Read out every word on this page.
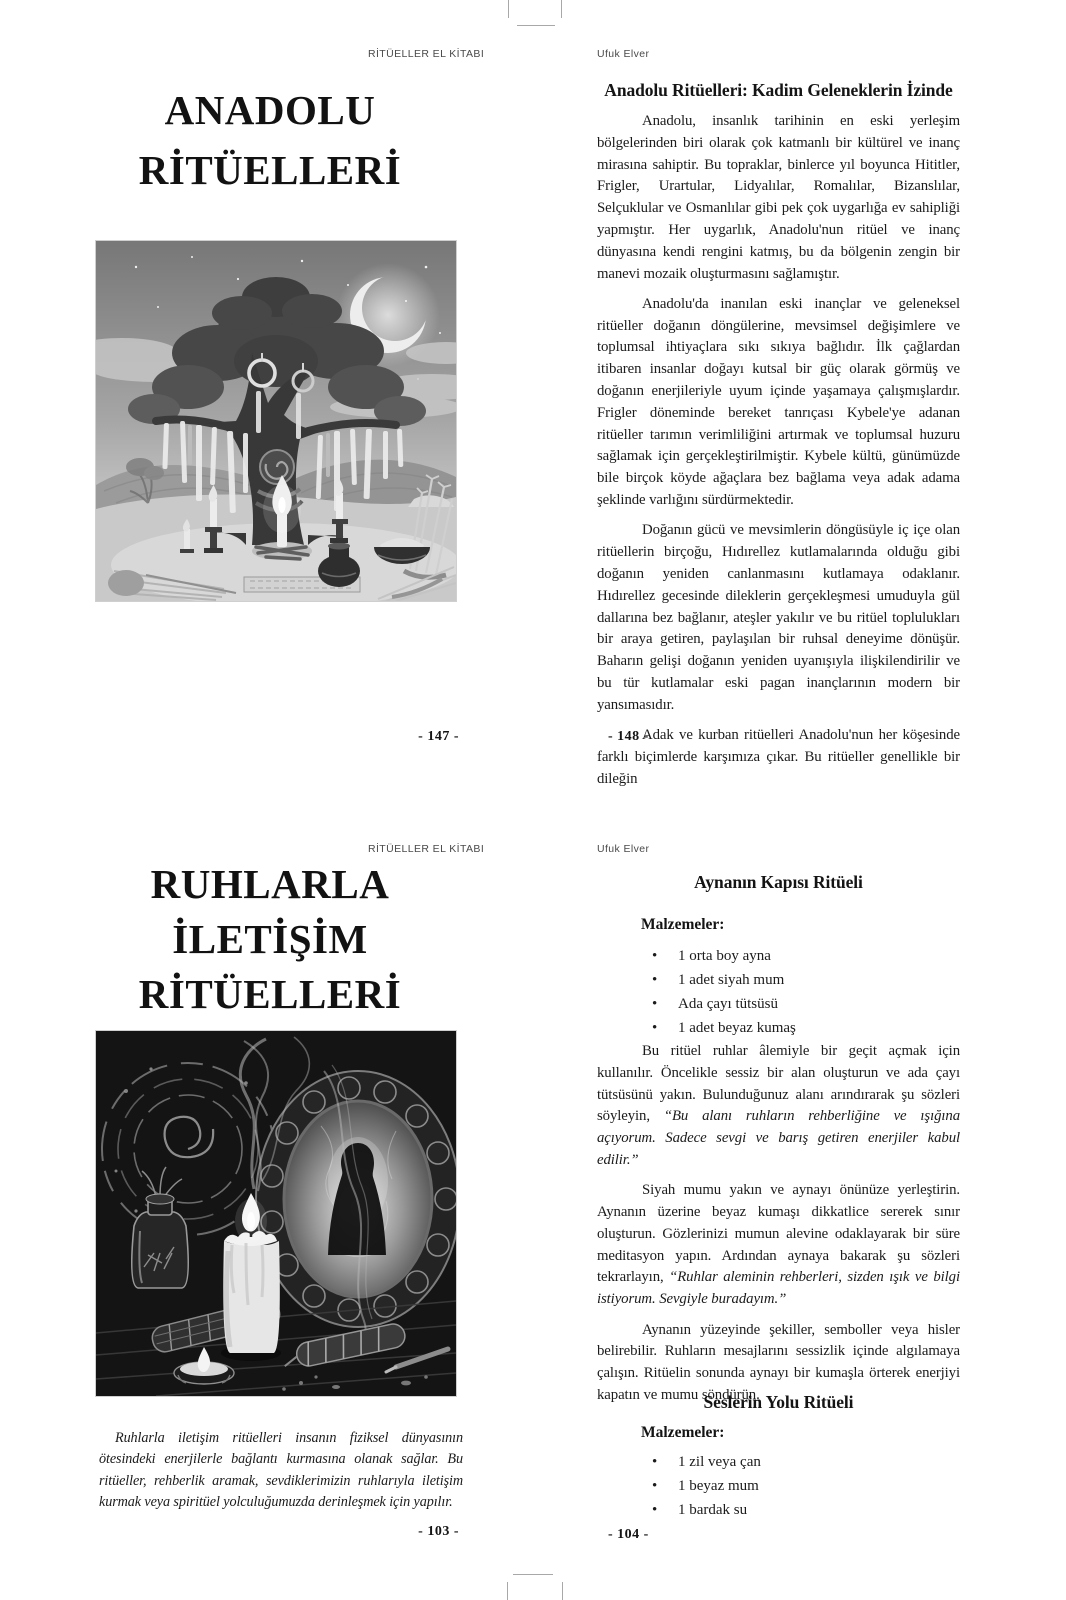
RİTÜELLER EL KİTABI
ANADOLU
RİTÜELLERİ
- 147 -
Ufuk Elver
Anadolu Ritüelleri: Kadim Geleneklerin İzinde

Anadolu, insanlık tarihinin en eski yerleşim bölgelerinden biri olarak çok katmanlı bir kültürel ve inanç mirasına sahiptir. Bu topraklar, binlerce yıl boyunca Hititler, Frigler, Urartular, Lidyalılar, Romalılar, Bizanslılar, Selçuklular ve Osmanlılar gibi pek çok uygarlığa ev sahipliği yapmıştır. Her uygarlık, Anadolu'nun ritüel ve inanç dünyasına kendi rengini katmış, bu da bölgenin zengin bir manevi mozaik oluşturmasını sağlamıştır.

Anadolu'da inanılan eski inançlar ve geleneksel ritüeller doğanın döngülerine, mevsimsel değişimlere ve toplumsal ihtiyaçlara sıkı sıkıya bağlıdır. İlk çağlardan itibaren insanlar doğayı kutsal bir güç olarak görmüş ve doğanın enerjileriyle uyum içinde yaşamaya çalışmışlardır. Frigler döneminde bereket tanrıçası Kybele'ye adanan ritüeller tarımın verimliliğini artırmak ve toplumsal huzuru sağlamak için gerçekleştirilmiştir. Kybele kültü, günümüzde bile birçok köyde ağaçlara bez bağlama veya adak adama şeklinde varlığını sürdürmektedir.

Doğanın gücü ve mevsimlerin döngüsüyle iç içe olan ritüellerin birçoğu, Hıdırellez kutlamalarında olduğu gibi doğanın yeniden canlanmasını kutlamaya odaklanır. Hıdırellez gecesinde dileklerin gerçekleşmesi umuduyla gül dallarına bez bağlanır, ateşler yakılır ve bu ritüel toplulukları bir araya getiren, paylaşılan bir ruhsal deneyime dönüşür. Baharın gelişi doğanın yeniden uyanışıyla ilişkilendirilir ve bu tür kutlamalar eski pagan inançlarının modern bir yansımasıdır.

Adak ve kurban ritüelleri Anadolu'nun her köşesinde farklı biçimlerde karşımıza çıkar. Bu ritüeller genellikle bir dileğin

- 148 -
RİTÜELLER EL KİTABI
RUHLARLA
İLETİŞİM
RİTÜELLERİ
Ruhlarla iletişim ritüelleri insanın fiziksel dünyasının ötesindeki enerjilerle bağlantı kurmasına olanak sağlar. Bu ritüeller, rehberlik aramak, sevdiklerimizin ruhlarıyla iletişim kurmak veya spiritüel yolculuğumuzda derinleşmek için yapılır.
- 103 -
Ufuk Elver
Aynanın Kapısı Ritüeli
Malzemeler:
• 1 orta boy ayna
• 1 adet siyah mum
• Ada çayı tütsüsü
• 1 adet beyaz kumaş

Bu ritüel ruhlar âlemiyle bir geçit açmak için kullanılır. Öncelikle sessiz bir alan oluşturun ve ada çayı tütsüsünü yakın. Bulunduğunuz alanı arındırarak şu sözleri söyleyin, “Bu alanı ruhların rehberliğine ve ışığına açıyorum. Sadece sevgi ve barış getiren enerjiler kabul edilir.”

Siyah mumu yakın ve aynayı önünüze yerleştirin. Aynanın üzerine beyaz kumaşı dikkatlice sererek sınır oluşturun. Gözlerinizi mumun alevine odaklayarak bir süre meditasyon yapın. Ardından aynaya bakarak şu sözleri tekrarlayın, “Ruhlar aleminin rehberleri, sizden ışık ve bilgi istiyorum. Sevgiyle buradayım.”

Aynanın yüzeyinde şekiller, semboller veya hisler belirebilir. Ruhların mesajlarını sessizlik içinde algılamaya çalışın. Ritüelin sonunda aynayı bir kumaşla örterek enerjiyi kapatın ve mumu söndürün.

Seslerin Yolu Ritüeli
Malzemeler:
• 1 zil veya çan
• 1 beyaz mum
• 1 bardak su
- 104 -
